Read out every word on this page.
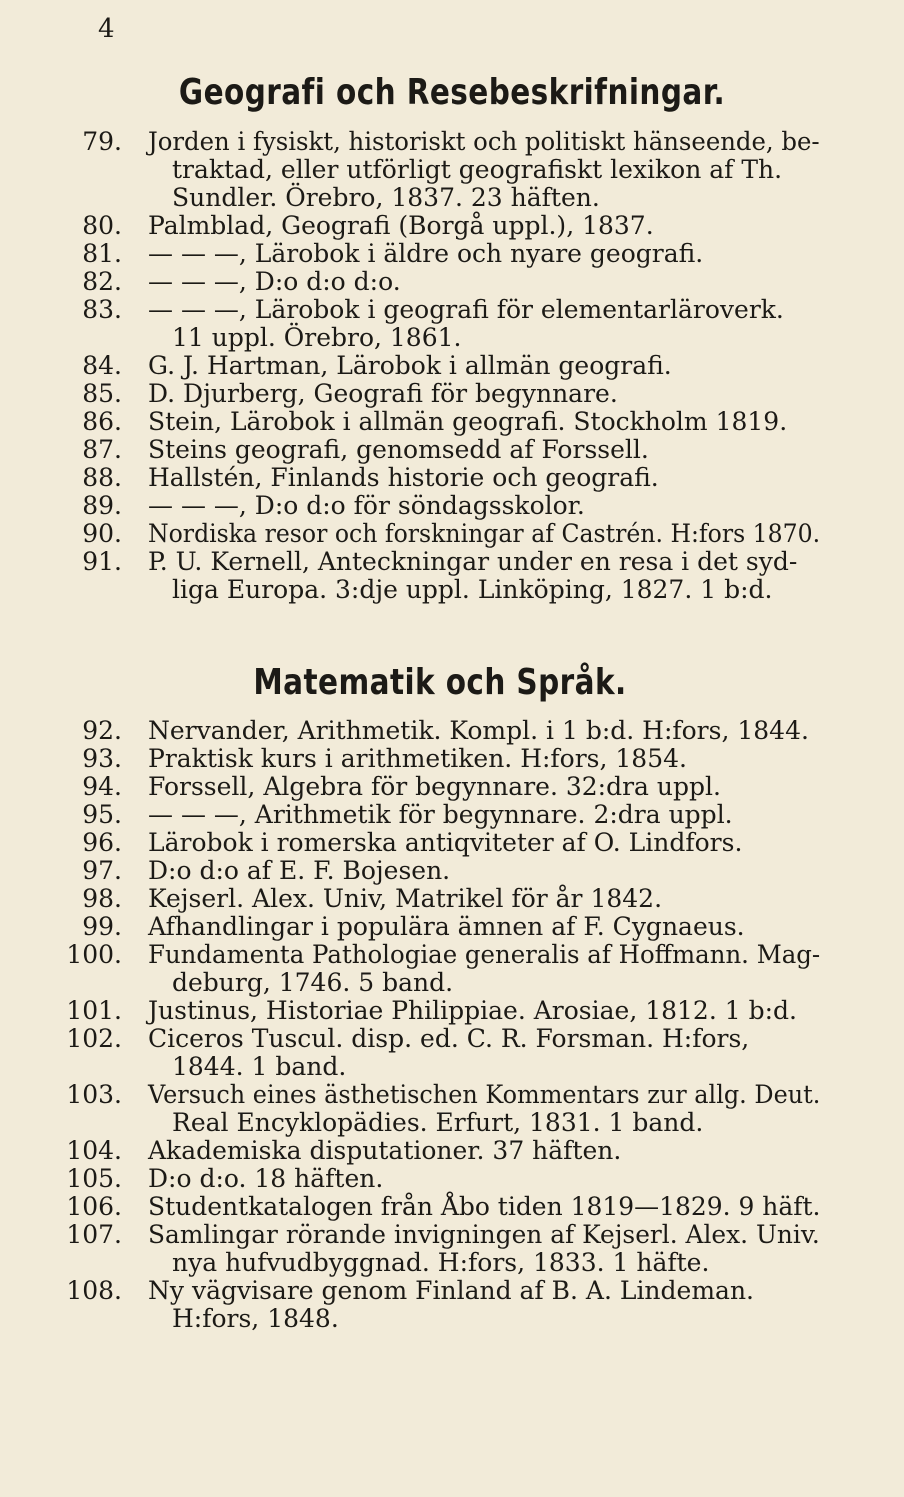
4
Geografi och Resebeskrifningar.
79. Jorden i fysiskt, historiskt och politiskt hänseende, be-
traktad, eller utförligt geografiskt lexikon af Th.
Sundler. Örebro, 1837. 23 häften.
80. Palmblad, Geografi (Borgå uppl.), 1837.
81. — — —, Lärobok i äldre och nyare geografi.
82. — — —, D:o d:o d:o.
83. — — —, Lärobok i geografi för elementarläroverk.
11 uppl. Örebro, 1861.
84. G. J. Hartman, Lärobok i allmän geografi.
85. D. Djurberg, Geografi för begynnare.
86. Stein, Lärobok i allmän geografi. Stockholm 1819.
87. Steins geografi, genomsedd af Forssell.
88. Hallstén, Finlands historie och geografi.
89. — — —, D:o d:o för söndagsskolor.
90. Nordiska resor och forskningar af Castrén. H:fors 1870.
91. P. U. Kernell, Anteckningar under en resa i det syd-
liga Europa. 3:dje uppl. Linköping, 1827. 1 b:d.
Matematik och Språk.
92. Nervander, Arithmetik. Kompl. i 1 b:d. H:fors, 1844.
93. Praktisk kurs i arithmetiken. H:fors, 1854.
94. Forssell, Algebra för begynnare. 32:dra uppl.
95. — — —, Arithmetik för begynnare. 2:dra uppl.
96. Lärobok i romerska antiqviteter af O. Lindfors.
97. D:o d:o af E. F. Bojesen.
98. Kejserl. Alex. Univ, Matrikel för år 1842.
99. Afhandlingar i populära ämnen af F. Cygnaeus.
100. Fundamenta Pathologiae generalis af Hoffmann. Mag-
deburg, 1746. 5 band.
101. Justinus, Historiae Philippiae. Arosiae, 1812. 1 b:d.
102. Ciceros Tuscul. disp. ed. C. R. Forsman. H:fors,
1844. 1 band.
103. Versuch eines ästhetischen Kommentars zur allg. Deut.
Real Encyklopädies. Erfurt, 1831. 1 band.
104. Akademiska disputationer. 37 häften.
105. D:o d:o. 18 häften.
106. Studentkatalogen från Åbo tiden 1819—1829. 9 häft.
107. Samlingar rörande invigningen af Kejserl. Alex. Univ.
nya hufvudbyggnad. H:fors, 1833. 1 häfte.
108. Ny vägvisare genom Finland af B. A. Lindeman.
H:fors, 1848.
